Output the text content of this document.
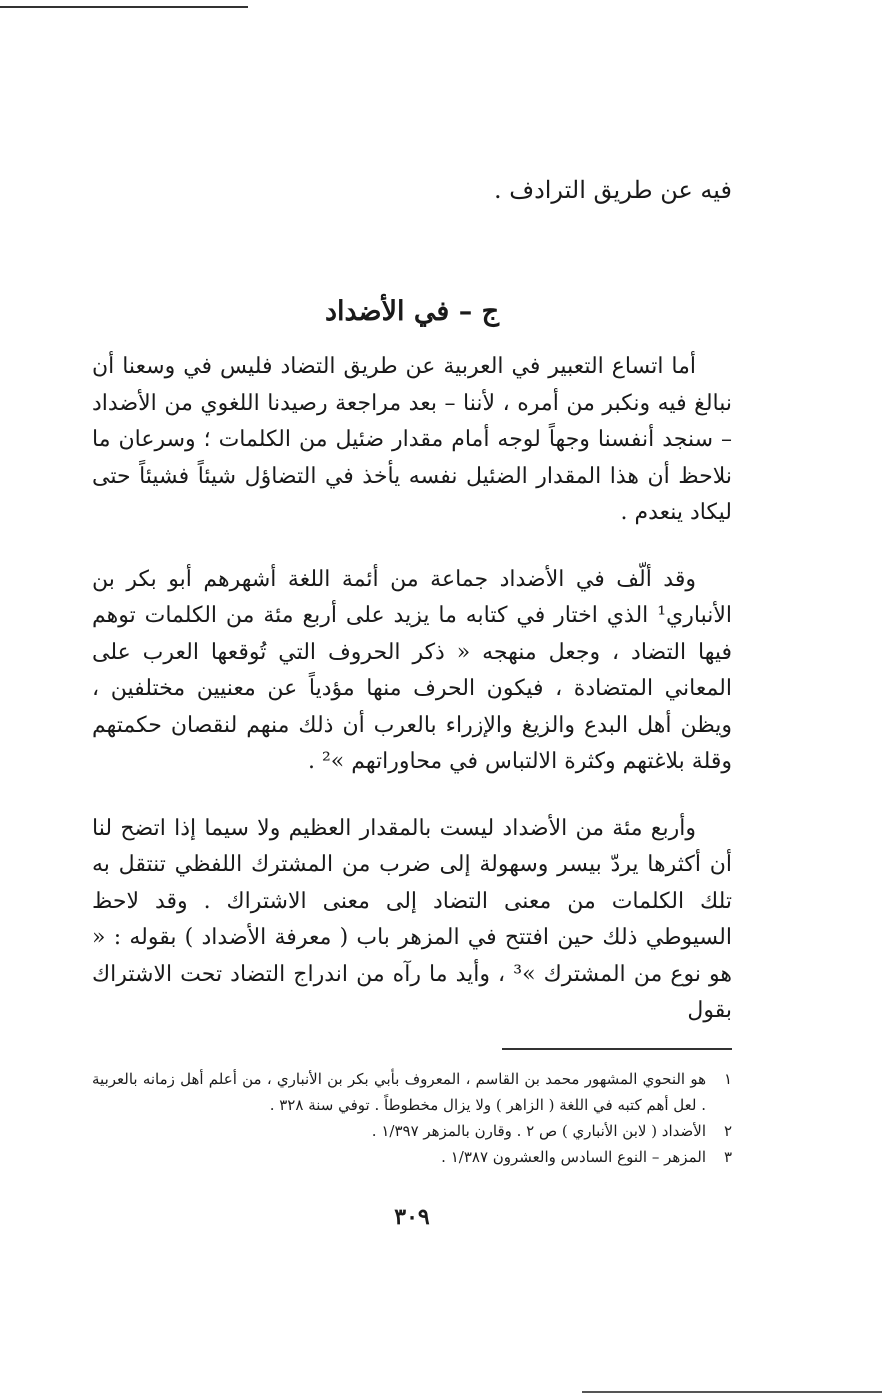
فيه عن طريق الترادف .

ج – في الأضداد

أما اتساع التعبير في العربية عن طريق التضاد فليس في وسعنا أن نبالغ فيه ونكبر من أمره ، لأننا – بعد مراجعة رصيدنا اللغوي من الأضداد – سنجد أنفسنا وجهاً لوجه أمام مقدار ضئيل من الكلمات ؛ وسرعان ما نلاحظ أن هذا المقدار الضئيل نفسه يأخذ في التضاؤل شيئاً فشيئاً حتى ليكاد ينعدم .

وقد ألّف في الأضداد جماعة من أئمة اللغة أشهرهم أبو بكر بن الأنباري¹ الذي اختار في كتابه ما يزيد على أربع مئة من الكلمات توهم فيها التضاد ، وجعل منهجه « ذكر الحروف التي تُوقعها العرب على المعاني المتضادة ، فيكون الحرف منها مؤدياً عن معنيين مختلفين ، ويظن أهل البدع والزيغ والإزراء بالعرب أن ذلك منهم لنقصان حكمتهم وقلة بلاغتهم وكثرة الالتباس في محاوراتهم »² .

وأربع مئة من الأضداد ليست بالمقدار العظيم ولا سيما إذا اتضح لنا أن أكثرها يردّ بيسر وسهولة إلى ضرب من المشترك اللفظي تنتقل به تلك الكلمات من معنى التضاد إلى معنى الاشتراك . وقد لاحظ السيوطي ذلك حين افتتح في المزهر باب ( معرفة الأضداد ) بقوله : « هو نوع من المشترك »³ ، وأيد ما رآه من اندراج التضاد تحت الاشتراك بقول

١
هو النحوي المشهور محمد بن القاسم ، المعروف بأبي بكر بن الأنباري ، من أعلم أهل زمانه بالعربية . لعل أهم كتبه في اللغة ( الزاهر ) ولا يزال مخطوطاً . توفي سنة ٣٢٨ .
٢
الأضداد ( لابن الأنباري ) ص ٢ . وقارن بالمزهر ١/٣٩٧ .
٣
المزهر – النوع السادس والعشرون ١/٣٨٧ .
٣٠٩
